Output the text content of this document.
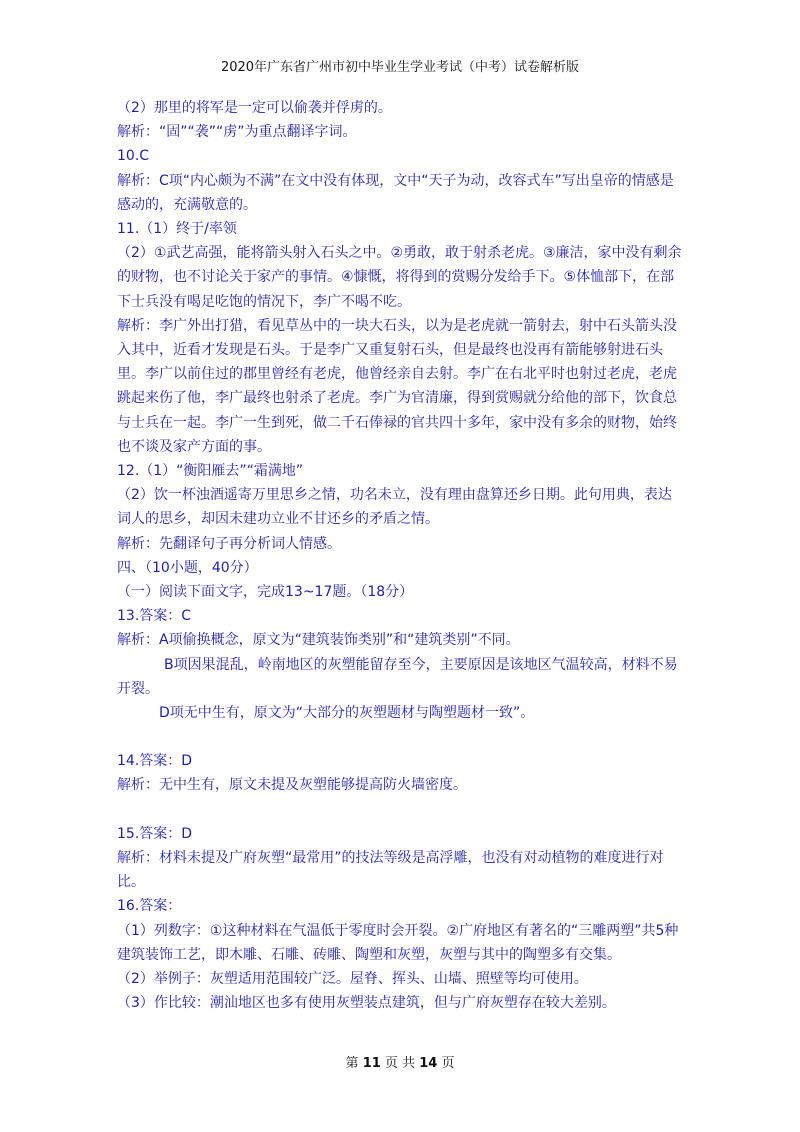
2020年广东省广州市初中毕业生学业考试（中考）试卷解析版

（2）那里的将军是一定可以偷袭并俘虏的。

解析：“固”“袭”“虏”为重点翻译字词。

10.C

解析：C项“内心颇为不满”在文中没有体现，文中“天子为动，改容式车”写出皇帝的情感是感动的，充满敬意的。

11.（1）终于/率领

（2）①武艺高强，能将箭头射入石头之中。②勇敢，敢于射杀老虎。③廉洁，家中没有剩余的财物，也不讨论关于家产的事情。④慷慨，将得到的赏赐分发给手下。⑤体恤部下，在部下士兵没有喝足吃饱的情况下，李广不喝不吃。

解析：李广外出打猎，看见草丛中的一块大石头，以为是老虎就一箭射去，射中石头箭头没入其中，近看才发现是石头。于是李广又重复射石头，但是最终也没再有箭能够射进石头里。李广以前住过的郡里曾经有老虎，他曾经亲自去射。李广在右北平时也射过老虎，老虎跳起来伤了他，李广最终也射杀了老虎。李广为官清廉，得到赏赐就分给他的部下，饮食总与士兵在一起。李广一生到死，做二千石俸禄的官共四十多年，家中没有多余的财物，始终也不谈及家产方面的事。

12.（1）“衡阳雁去”“霜满地”

（2）饮一杯浊酒遥寄万里思乡之情，功名未立，没有理由盘算还乡日期。此句用典，表达词人的思乡，却因未建功立业不甘还乡的矛盾之情。

解析：先翻译句子再分析词人情感。

四、（10小题，40分）

（一）阅读下面文字，完成13~17题。（18分）

13.答案：C

解析：A项偷换概念，原文为“建筑装饰类别”和“建筑类别”不同。

B项因果混乱，岭南地区的灰塑能留存至今，主要原因是该地区气温较高，材料不易开裂。

D项无中生有，原文为“大部分的灰塑题材与陶塑题材一致”。

14.答案：D

解析：无中生有，原文未提及灰塑能够提高防火墙密度。

15.答案：D

解析：材料未提及广府灰塑“最常用”的技法等级是高浮雕，也没有对动植物的难度进行对比。

16.答案：

（1）列数字：①这种材料在气温低于零度时会开裂。②广府地区有著名的“三雕两塑”共5种建筑装饰工艺，即木雕、石雕、砖雕、陶塑和灰塑，灰塑与其中的陶塑多有交集。

（2）举例子：灰塑适用范围较广泛。屋脊、挥头、山墙、照壁等均可使用。

（3）作比较：潮汕地区也多有使用灰塑装点建筑，但与广府灰塑存在较大差别。

第 11 页 共 14 页
